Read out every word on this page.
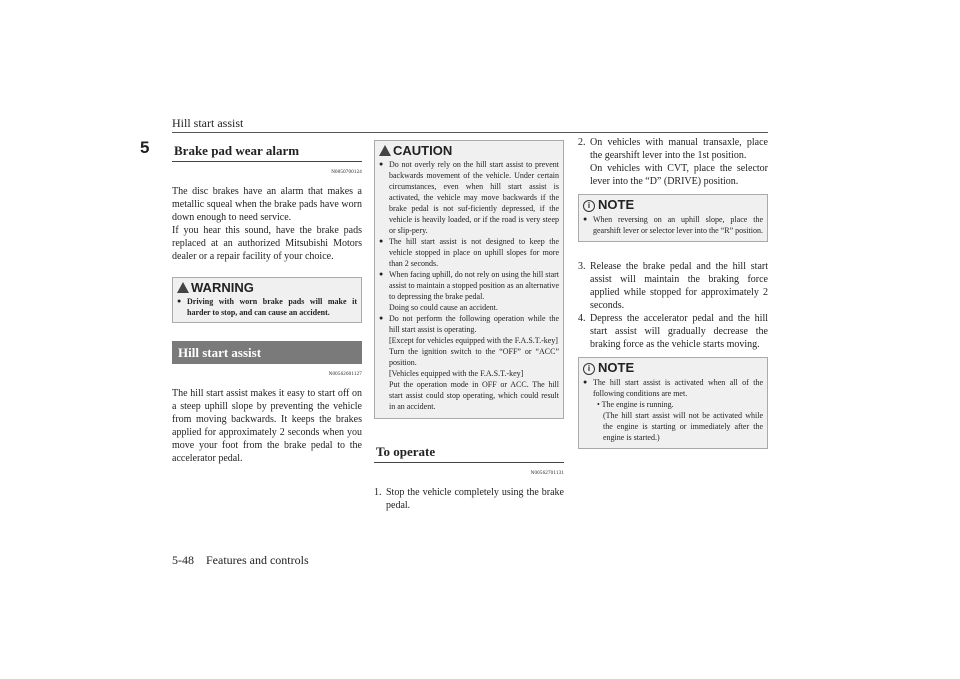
Hill start assist
5	Brake pad wear alarm
N00507001​24

The disc brakes have an alarm that makes a metallic squeal when the brake pads have worn down enough to need service.

If you hear this sound, have the brake pads replaced at an authorized Mitsubishi Motors dealer or a repair facility of your choice.

WARNING
● Driving with worn brake pads will make it harder to stop, and can cause an accident.
Hill start assist
N00562601127

The hill start assist makes it easy to start off on a steep uphill slope by preventing the vehicle from moving backwards. It keeps the brakes applied for approximately 2 seconds when you move your foot from the brake pedal to the accelerator pedal.

CAUTION
● Do not overly rely on the hill start assist to prevent backwards movement of the vehicle. Under certain circumstances, even when hill start assist is activated, the vehicle may move backwards if the brake pedal is not suf-ficiently depressed, if the vehicle is heavily loaded, or if the road is very steep or slip-pery.
● The hill start assist is not designed to keep the vehicle stopped in place on uphill slopes for more than 2 seconds.
● When facing uphill, do not rely on using the hill start assist to maintain a stopped position as an alternative to depressing the brake pedal.
Doing so could cause an accident.
● Do not perform the following operation while the hill start assist is operating.
[Except for vehicles equipped with the F.A.S.T.-key]
Turn the ignition switch to the “OFF” or “ACC” position.
[Vehicles equipped with the F.A.S.T.-key]
Put the operation mode in OFF or ACC. The hill start assist could stop operating, which could result in an accident.
To operate
N00562701131
1. Stop the vehicle completely using the brake pedal.
2. On vehicles with manual transaxle, place the gearshift lever into the 1st position.
On vehicles with CVT, place the selector lever into the “D” (DRIVE) position.
i NOTE
● When reversing on an uphill slope, place the gearshift lever or selector lever into the “R” position.
3. Release the brake pedal and the hill start assist will maintain the braking force applied while stopped for approximately 2 seconds.
4. Depress the accelerator pedal and the hill start assist will gradually decrease the braking force as the vehicle starts moving.
i NOTE
● The hill start assist is activated when all of the following conditions are met.
• The engine is running.
(The hill start assist will not be activated while the engine is starting or immediately after the engine is started.)
5-48 Features and controls
